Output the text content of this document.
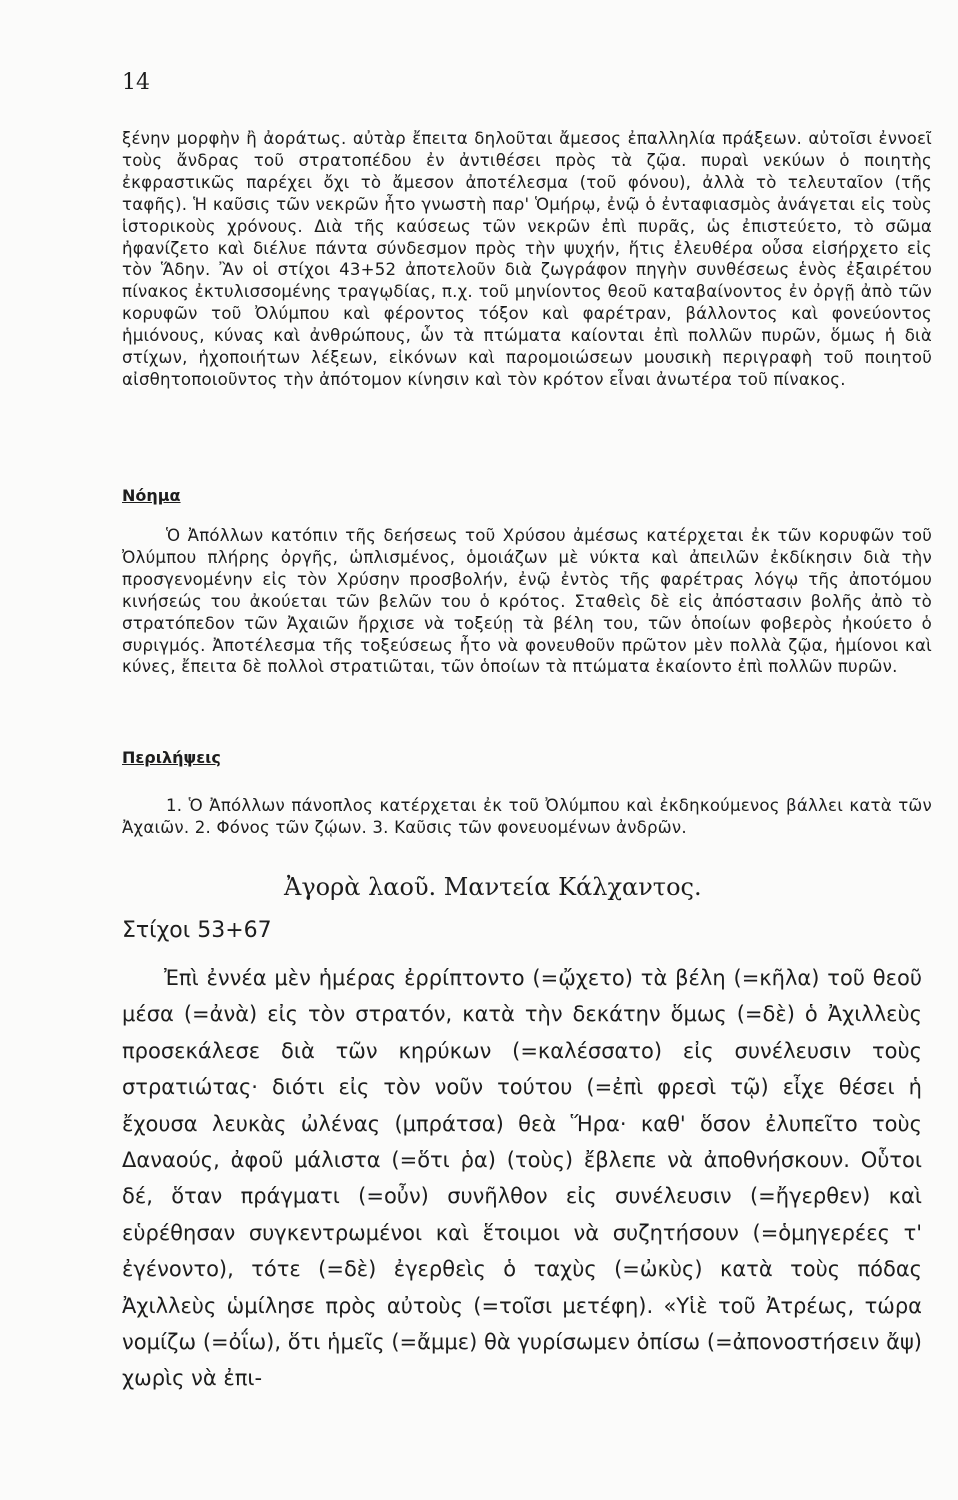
14
ξένην μορφὴν ἢ ἀοράτως. αὐτὰρ ἔπειτα δηλοῦται ἄμεσος ἐπαλληλία πράξεων. αὐτοῖσι ἐννοεῖ τοὺς ἄνδρας τοῦ στρατοπέδου ἐν ἀντιθέσει πρὸς τὰ ζῷα. πυραὶ νεκύων ὁ ποιητὴς ἐκφραστικῶς παρέχει ὄχι τὸ ἄμεσον ἀποτέλεσμα (τοῦ φόνου), ἀλλὰ τὸ τελευταῖον (τῆς ταφῆς). Ἡ καῦσις τῶν νεκρῶν ἦτο γνωστὴ παρ' Ὁμήρῳ, ἐνῷ ὁ ἐνταφιασμὸς ἀνάγεται εἰς τοὺς ἱστορικοὺς χρόνους. Διὰ τῆς καύσεως τῶν νεκρῶν ἐπὶ πυρᾶς, ὡς ἐπιστεύετο, τὸ σῶμα ἠφανίζετο καὶ διέλυε πάντα σύνδεσμον πρὸς τὴν ψυχήν, ἥτις ἐλευθέρα οὖσα εἰσήρχετο εἰς τὸν Ἅδην. Ἂν οἱ στίχοι 43+52 ἀποτελοῦν διὰ ζωγράφον πηγὴν συνθέσεως ἑνὸς ἐξαιρέτου πίνακος ἐκτυλισσομένης τραγῳδίας, π.χ. τοῦ μηνίοντος θεοῦ καταβαίνοντος ἐν ὀργῇ ἀπὸ τῶν κορυφῶν τοῦ Ὀλύμπου καὶ φέροντος τόξον καὶ φαρέτραν, βάλλοντος καὶ φονεύοντος ἡμιόνους, κύνας καὶ ἀνθρώπους, ὧν τὰ πτώματα καίονται ἐπὶ πολλῶν πυρῶν, ὅμως ἡ διὰ στίχων, ἠχοποιήτων λέξεων, εἰκόνων καὶ παρομοιώσεων μουσικὴ περιγραφὴ τοῦ ποιητοῦ αἰσθητοποιοῦντος τὴν ἀπότομον κίνησιν καὶ τὸν κρότον εἶναι ἀνωτέρα τοῦ πίνακος.
Νόημα

Ὁ Ἀπόλλων κατόπιν τῆς δεήσεως τοῦ Χρύσου ἀμέσως κατέρχεται ἐκ τῶν κορυφῶν τοῦ Ὀλύμπου πλήρης ὀργῆς, ὡπλισμένος, ὁμοιάζων μὲ νύκτα καὶ ἀπειλῶν ἐκδίκησιν διὰ τὴν προσγενομένην εἰς τὸν Χρύσην προσβολήν, ἐνῷ ἐντὸς τῆς φαρέτρας λόγῳ τῆς ἀποτόμου κινήσεώς του ἀκούεται τῶν βελῶν του ὁ κρότος. Σταθεὶς δὲ εἰς ἀπόστασιν βολῆς ἀπὸ τὸ στρατόπεδον τῶν Ἀχαιῶν ἤρχισε νὰ τοξεύῃ τὰ βέλη του, τῶν ὁποίων φοβερὸς ἠκούετο ὁ συριγμός. Ἀποτέλεσμα τῆς τοξεύσεως ἦτο νὰ φονευθοῦν πρῶτον μὲν πολλὰ ζῷα, ἡμίονοι καὶ κύνες, ἔπειτα δὲ πολλοὶ στρατιῶται, τῶν ὁποίων τὰ πτώματα ἐκαίοντο ἐπὶ πολλῶν πυρῶν.

Περιλήψεις

1. Ὁ Ἀπόλλων πάνοπλος κατέρχεται ἐκ τοῦ Ὀλύμπου καὶ ἐκδηκούμενος βάλλει κατὰ τῶν Ἀχαιῶν. 2. Φόνος τῶν ζῴων. 3. Καῦσις τῶν φονευομένων ἀνδρῶν.

Ἀγορὰ λαοῦ. Μαντεία Κάλχαντος.
Στίχοι 53+67

Ἐπὶ ἐννέα μὲν ἡμέρας ἐρρίπτοντο (=ᾤχετο) τὰ βέλη (=κῆλα) τοῦ θεοῦ μέσα (=ἀνὰ) εἰς τὸν στρατόν, κατὰ τὴν δεκάτην ὅμως (=δὲ) ὁ Ἀχιλλεὺς προσεκάλεσε διὰ τῶν κηρύκων (=καλέσσατο) εἰς συνέλευσιν τοὺς στρατιώτας· διότι εἰς τὸν νοῦν τούτου (=ἐπὶ φρεσὶ τῷ) εἶχε θέσει ἡ ἔχουσα λευκὰς ὠλένας (μπράτσα) θεὰ Ἥρα· καθ' ὅσον ἐλυπεῖτο τοὺς Δαναούς, ἀφοῦ μάλιστα (=ὅτι ῥα) (τοὺς) ἔβλεπε νὰ ἀποθνήσκουν. Οὗτοι δέ, ὅταν πράγματι (=οὖν) συνῆλθον εἰς συνέλευσιν (=ἤγερθεν) καὶ εὑρέθησαν συγκεντρωμένοι καὶ ἕτοιμοι νὰ συζητήσουν (=ὁμηγερέες τ' ἐγένοντο), τότε (=δὲ) ἐγερθεὶς ὁ ταχὺς (=ὠκὺς) κατὰ τοὺς πόδας Ἀχιλλεὺς ὡμίλησε πρὸς αὐτοὺς (=τοῖσι μετέφη). «Υἱὲ τοῦ Ἀτρέως, τώρα νομίζω (=ὀΐω), ὅτι ἡμεῖς (=ἄμμε) θὰ γυρίσωμεν ὀπίσω (=ἀπονοστήσειν ἄψ) χωρὶς νὰ ἐπι-
